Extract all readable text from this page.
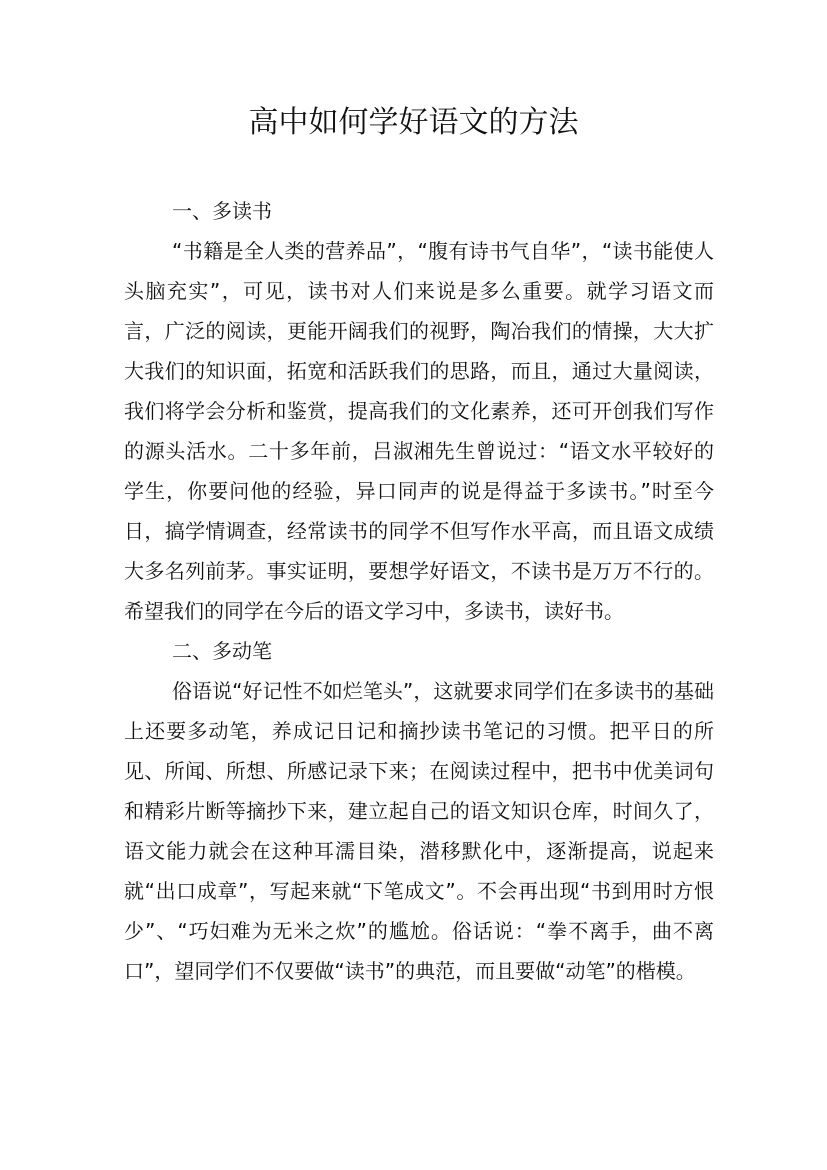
高中如何学好语文的方法

一、多读书

“书籍是全人类的营养品”，“腹有诗书气自华”，“读书能使人头脑充实”，可见，读书对人们来说是多么重要。就学习语文而言，广泛的阅读，更能开阔我们的视野，陶冶我们的情操，大大扩大我们的知识面，拓宽和活跃我们的思路，而且，通过大量阅读，我们将学会分析和鉴赏，提高我们的文化素养，还可开创我们写作的源头活水。二十多年前，吕淑湘先生曾说过：“语文水平较好的学生，你要问他的经验，异口同声的说是得益于多读书。”时至今日，搞学情调查，经常读书的同学不但写作水平高，而且语文成绩大多名列前茅。事实证明，要想学好语文，不读书是万万不行的。希望我们的同学在今后的语文学习中，多读书，读好书。

二、多动笔

俗语说“好记性不如烂笔头”，这就要求同学们在多读书的基础上还要多动笔，养成记日记和摘抄读书笔记的习惯。把平日的所见、所闻、所想、所感记录下来；在阅读过程中，把书中优美词句和精彩片断等摘抄下来，建立起自己的语文知识仓库，时间久了，语文能力就会在这种耳濡目染，潜移默化中，逐渐提高，说起来就“出口成章”，写起来就“下笔成文”。不会再出现“书到用时方恨少”、“巧妇难为无米之炊”的尴尬。俗话说：“拳不离手，曲不离口”，望同学们不仅要做“读书”的典范，而且要做“动笔”的楷模。
